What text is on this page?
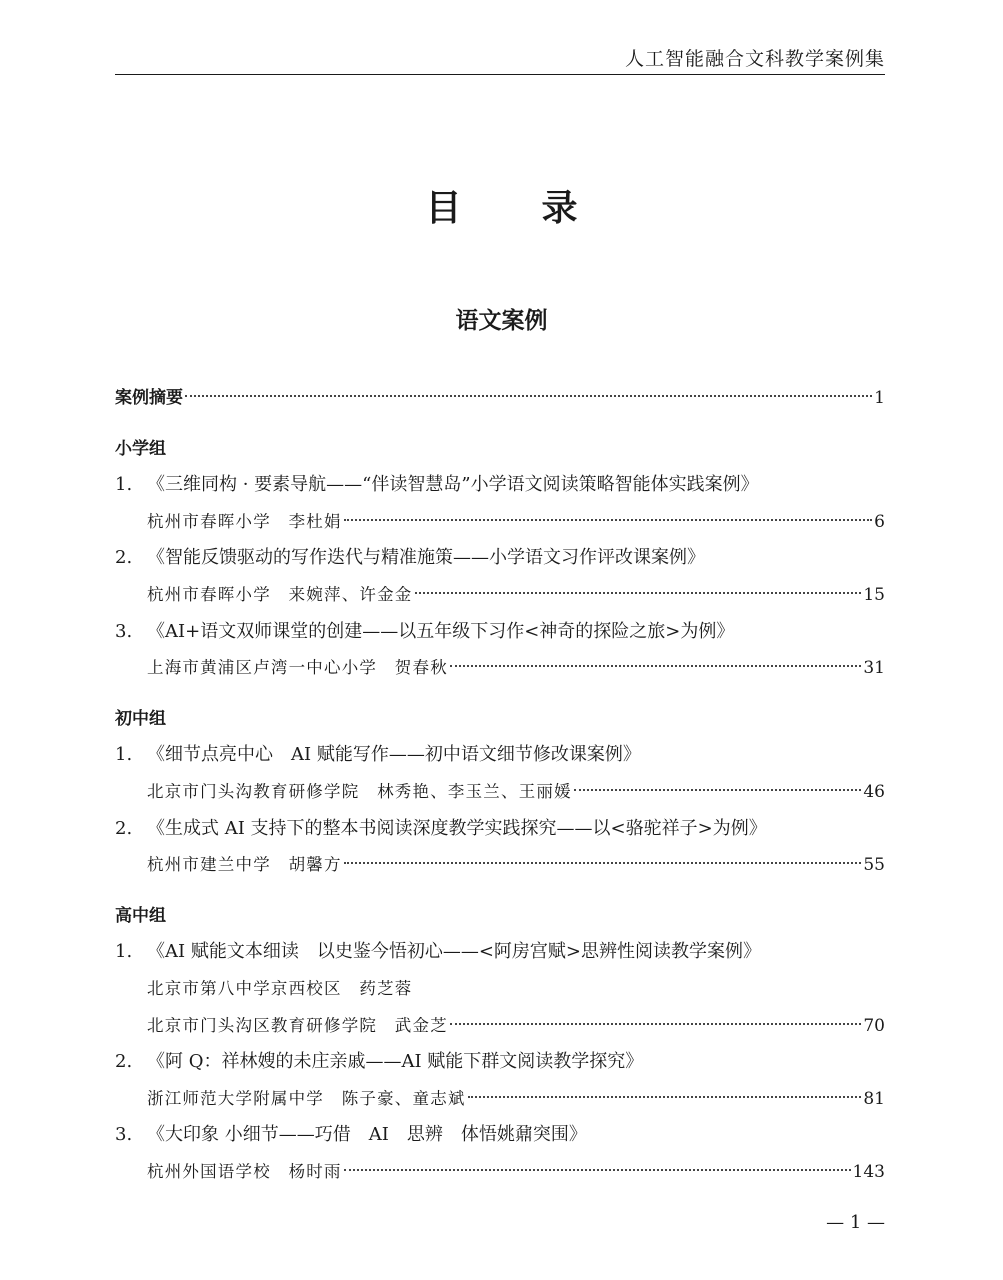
人工智能融合文科教学案例集
目 录
语文案例
案例摘要	1
小学组
1. 《三维同构 · 要素导航——“伴读智慧岛”小学语文阅读策略智能体实践案例》
杭州市春晖小学　李杜娟	6
2. 《智能反馈驱动的写作迭代与精准施策——小学语文习作评改课案例》
杭州市春晖小学　来婉萍、许金金	15
3. 《AI+语文双师课堂的创建——以五年级下习作<神奇的探险之旅>为例》
上海市黄浦区卢湾一中心小学　贺春秋	31
初中组
1. 《细节点亮中心　AI 赋能写作——初中语文细节修改课案例》
北京市门头沟教育研修学院　林秀艳、李玉兰、王丽媛	46
2. 《生成式 AI 支持下的整本书阅读深度教学实践探究——以<骆驼祥子>为例》
杭州市建兰中学　胡馨方	55
高中组
1. 《AI 赋能文本细读　以史鉴今悟初心——<阿房宫赋>思辨性阅读教学案例》
北京市第八中学京西校区　药芝蓉
北京市门头沟区教育研修学院　武金芝	70
2. 《阿 Q：祥林嫂的未庄亲戚——AI 赋能下群文阅读教学探究》
浙江师范大学附属中学　陈子豪、童志斌	81
3. 《大印象 小细节——巧借　AI　思辨　体悟姚鼐突围》
杭州外国语学校　杨时雨	143
— 1 —
